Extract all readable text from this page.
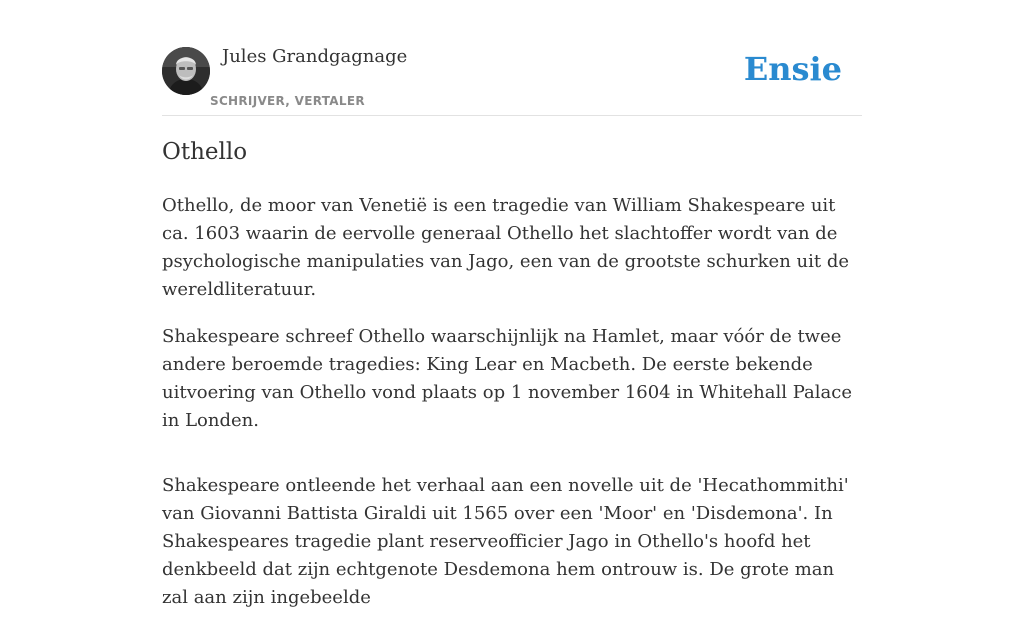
Jules Grandgagnage
SCHRIJVER, VERTALER
Ensie
Othello

Othello, de moor van Venetië is een tragedie van William Shakespeare uit ca. 1603 waarin de eervolle generaal Othello het slachtoffer wordt van de psychologische manipulaties van Jago, een van de grootste schurken uit de wereldliteratuur.

Shakespeare schreef Othello waarschijnlijk na Hamlet, maar vóór de twee andere beroemde tragedies: King Lear en Macbeth. De eerste bekende uitvoering van Othello vond plaats op 1 november 1604 in Whitehall Palace in Londen.

Shakespeare ontleende het verhaal aan een novelle uit de 'Hecathommithi' van Giovanni Battista Giraldi uit 1565 over een 'Moor' en 'Disdemona'. In Shakespeares tragedie plant reserveofficier Jago in Othello's hoofd het denkbeeld dat zijn echtgenote Desdemona hem ontrouw is. De grote man zal aan zijn ingebeelde
